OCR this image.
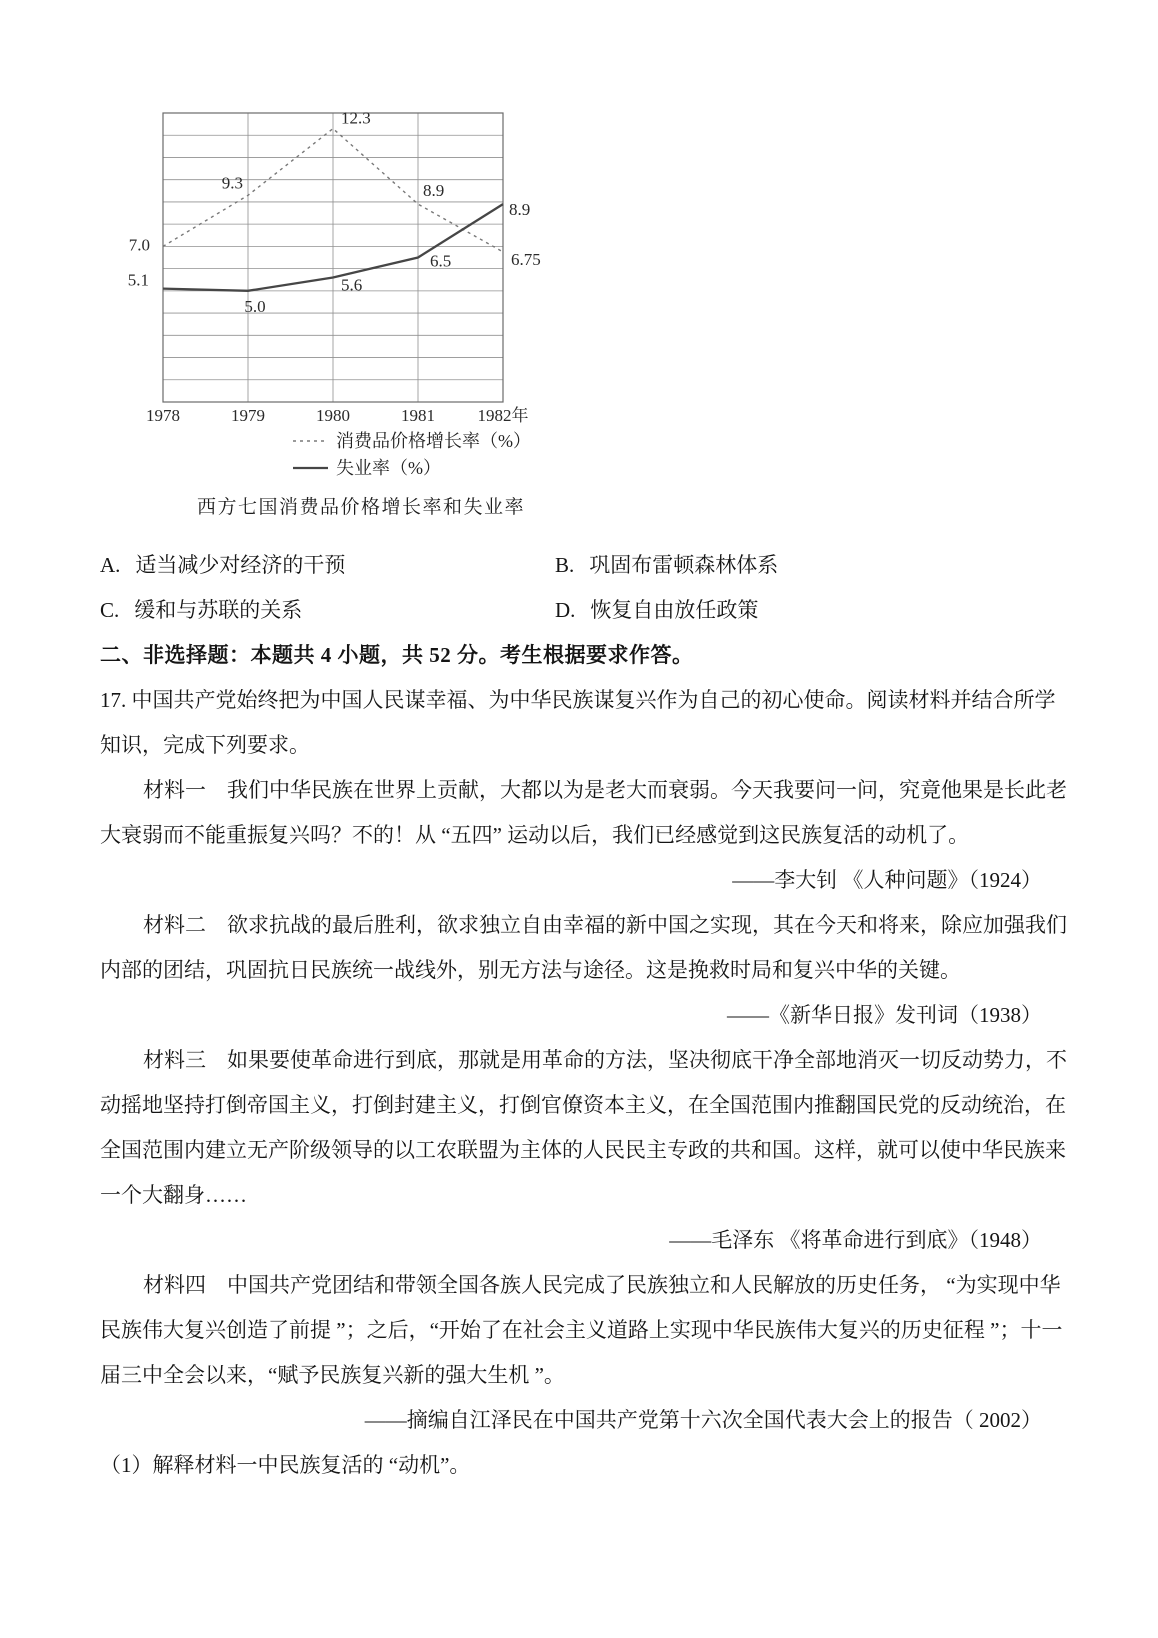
7.0
9.3
12.3
8.9
6.75
5.1
5.0
5.6
6.5
8.9
1978	1979	1980	1981	1982年
消费品价格增长率（%）
失业率（%）
西方七国消费品价格增长率和失业率
A. 适当减少对经济的干预	B. 巩固布雷顿森林体系
C. 缓和与苏联的关系	D. 恢复自由放任政策
二、非选择题：本题共 4 小题，共 52 分。考生根据要求作答。
17. 中国共产党始终把为中国人民谋幸福、为中华民族谋复兴作为自己的初心使命。阅读材料并结合所学
知识，完成下列要求。
材料一　我们中华民族在世界上贡献，大都以为是老大而衰弱。今天我要问一问，究竟他果是长此老
大衰弱而不能重振复兴吗？不的！从 “五四” 运动以后，我们已经感觉到这民族复活的动机了。
——李大钊 《人种问题》（1924）
材料二　欲求抗战的最后胜利，欲求独立自由幸福的新中国之实现，其在今天和将来，除应加强我们
内部的团结，巩固抗日民族统一战线外，别无方法与途径。这是挽救时局和复兴中华的关键。
——《新华日报》发刊词（1938）
材料三　如果要使革命进行到底，那就是用革命的方法，坚决彻底干净全部地消灭一切反动势力，不
动摇地坚持打倒帝国主义，打倒封建主义，打倒官僚资本主义，在全国范围内推翻国民党的反动统治，在
全国范围内建立无产阶级领导的以工农联盟为主体的人民民主专政的共和国。这样，就可以使中华民族来
一个大翻身……
——毛泽东 《将革命进行到底》（1948）
材料四　中国共产党团结和带领全国各族人民完成了民族独立和人民解放的历史任务， “为实现中华
民族伟大复兴创造了前提 ”；之后，“开始了在社会主义道路上实现中华民族伟大复兴的历史征程 ”；十一
届三中全会以来，“赋予民族复兴新的强大生机 ”。
——摘编自江泽民在中国共产党第十六次全国代表大会上的报告（ 2002）
（1）解释材料一中民族复活的 “动机”。
